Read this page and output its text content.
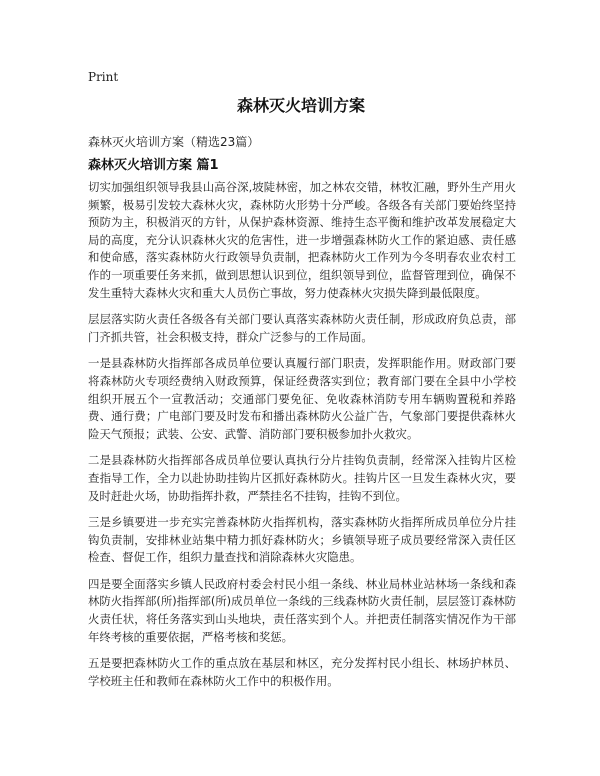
Print
森林灭火培训方案
森林灭火培训方案（精选23篇）
森林灭火培训方案 篇1

切实加强组织领导我县山高谷深,坡陡林密，加之林农交错，林牧汇融，野外生产用火频繁，极易引发较大森林火灾，森林防火形势十分严峻。各级各有关部门要始终坚持预防为主，积极消灭的方针，从保护森林资源、维持生态平衡和维护改革发展稳定大局的高度，充分认识森林火灾的危害性，进一步增强森林防火工作的紧迫感、责任感和使命感，落实森林防火行政领导负责制，把森林防火工作列为今冬明春农业农村工作的一项重要任务来抓，做到思想认识到位，组织领导到位，监督管理到位，确保不发生重特大森林火灾和重大人员伤亡事故，努力使森林火灾损失降到最低限度。

层层落实防火责任各级各有关部门要认真落实森林防火责任制，形成政府负总责，部门齐抓共管，社会积极支持，群众广泛参与的工作局面。

一是县森林防火指挥部各成员单位要认真履行部门职责，发挥职能作用。财政部门要将森林防火专项经费纳入财政预算，保证经费落实到位；教育部门要在全县中小学校组织开展五个一宣教活动；交通部门要免征、免收森林消防专用车辆购置税和养路费、通行费；广电部门要及时发布和播出森林防火公益广告，气象部门要提供森林火险天气预报；武装、公安、武警、消防部门要积极参加扑火救灾。

二是县森林防火指挥部各成员单位要认真执行分片挂钩负责制，经常深入挂钩片区检查指导工作，全力以赴协助挂钩片区抓好森林防火。挂钩片区一旦发生森林火灾，要及时赶赴火场，协助指挥扑救，严禁挂名不挂钩，挂钩不到位。

三是乡镇要进一步充实完善森林防火指挥机构，落实森林防火指挥所成员单位分片挂钩负责制，安排林业站集中精力抓好森林防火；乡镇领导班子成员要经常深入责任区检查、督促工作，组织力量查找和消除森林火灾隐患。

四是要全面落实乡镇人民政府村委会村民小组一条线、林业局林业站林场一条线和森林防火指挥部(所)指挥部(所)成员单位一条线的三线森林防火责任制，层层签订森林防火责任状，将任务落实到山头地块，责任落实到个人。并把责任制落实情况作为干部年终考核的重要依据，严格考核和奖惩。

五是要把森林防火工作的重点放在基层和林区，充分发挥村民小组长、林场护林员、学校班主任和教师在森林防火工作中的积极作用。
